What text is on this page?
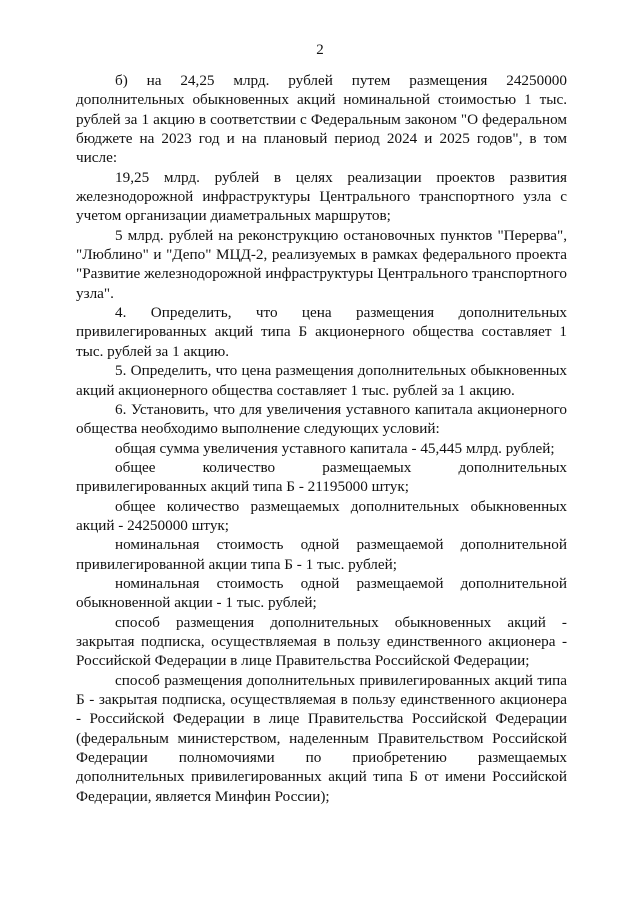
2

б) на 24,25 млрд. рублей путем размещения 24250000 дополнительных обыкновенных акций номинальной стоимостью 1 тыс. рублей за 1 акцию в соответствии с Федеральным законом "О федеральном бюджете на 2023 год и на плановый период 2024 и 2025 годов", в том числе:

19,25 млрд. рублей в целях реализации проектов развития железнодорожной инфраструктуры Центрального транспортного узла с учетом организации диаметральных маршрутов;

5 млрд. рублей на реконструкцию остановочных пунктов "Перерва", "Люблино" и "Депо" МЦД-2, реализуемых в рамках федерального проекта "Развитие железнодорожной инфраструктуры Центрального транспортного узла".

4. Определить, что цена размещения дополнительных привилегированных акций типа Б акционерного общества составляет 1 тыс. рублей за 1 акцию.

5. Определить, что цена размещения дополнительных обыкновенных акций акционерного общества составляет 1 тыс. рублей за 1 акцию.

6. Установить, что для увеличения уставного капитала акционерного общества необходимо выполнение следующих условий:

общая сумма увеличения уставного капитала - 45,445 млрд. рублей;

общее количество размещаемых дополнительных привилегированных акций типа Б - 21195000 штук;

общее количество размещаемых дополнительных обыкновенных акций - 24250000 штук;

номинальная стоимость одной размещаемой дополнительной привилегированной акции типа Б - 1 тыс. рублей;

номинальная стоимость одной размещаемой дополнительной обыкновенной акции - 1 тыс. рублей;

способ размещения дополнительных обыкновенных акций - закрытая подписка, осуществляемая в пользу единственного акционера - Российской Федерации в лице Правительства Российской Федерации;

способ размещения дополнительных привилегированных акций типа Б - закрытая подписка, осуществляемая в пользу единственного акционера - Российской Федерации в лице Правительства Российской Федерации (федеральным министерством, наделенным Правительством Российской Федерации полномочиями по приобретению размещаемых дополнительных привилегированных акций типа Б от имени Российской Федерации, является Минфин России);
